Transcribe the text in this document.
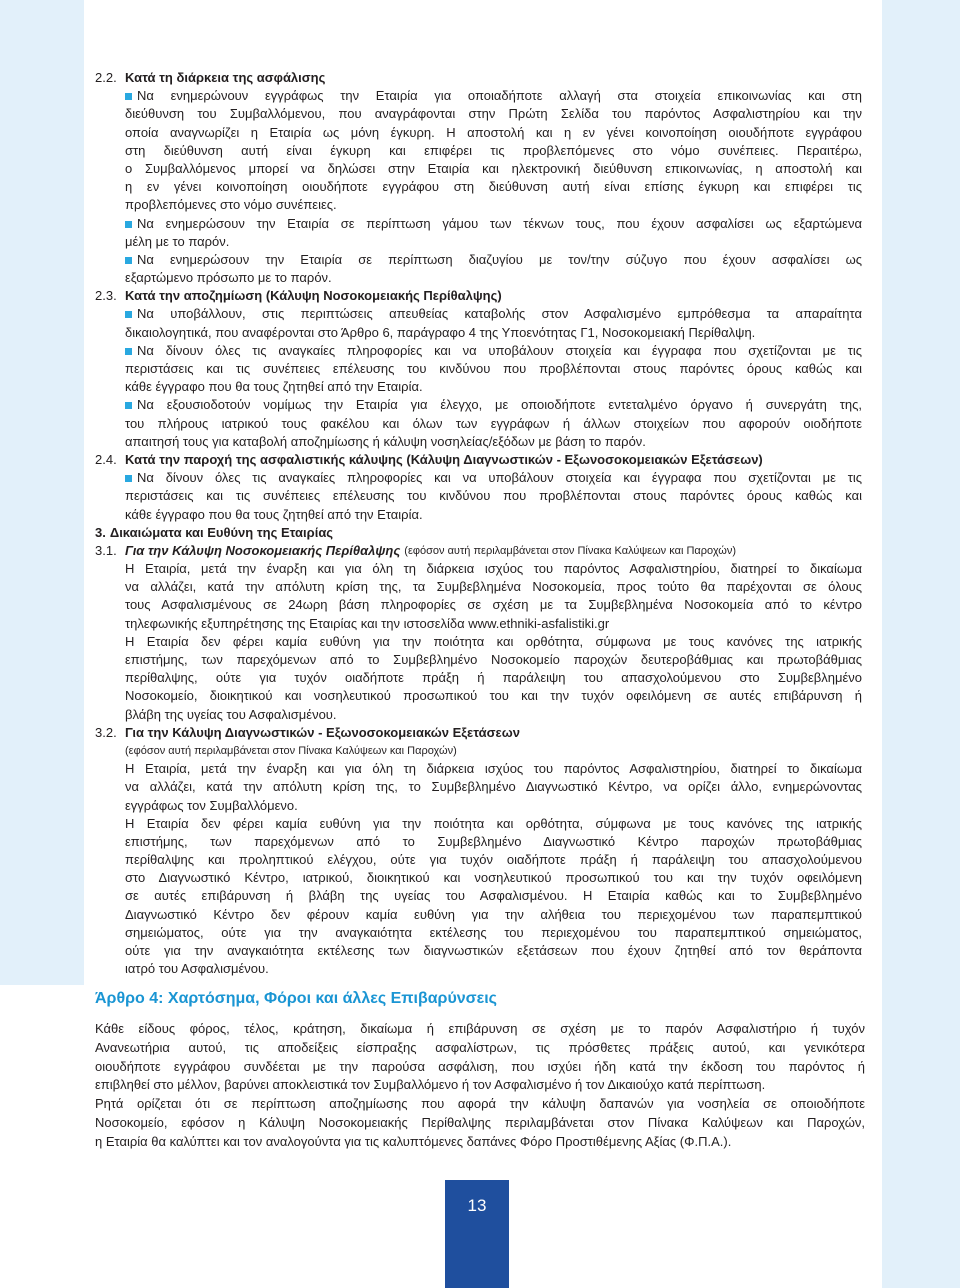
2.2. Κατά τη διάρκεια της ασφάλισης
Να ενημερώνουν εγγράφως την Εταιρία για οποιαδήποτε αλλαγή στα στοιχεία επικοινωνίας και στη
διεύθυνση του Συμβαλλόμενου, που αναγράφονται στην Πρώτη Σελίδα του παρόντος Ασφαλιστηρίου και την
οποία αναγνωρίζει η Εταιρία ως μόνη έγκυρη. Η αποστολή και η εν γένει κοινοποίηση οιουδήποτε εγγράφου
στη διεύθυνση αυτή είναι έγκυρη και επιφέρει τις προβλεπόμενες στο νόμο συνέπειες. Περαιτέρω,
ο Συμβαλλόμενος μπορεί να δηλώσει στην Εταιρία και ηλεκτρονική διεύθυνση επικοινωνίας, η αποστολή και
η εν γένει κοινοποίηση οιουδήποτε εγγράφου στη διεύθυνση αυτή είναι επίσης έγκυρη και επιφέρει τις
προβλεπόμενες στο νόμο συνέπειες.
Να ενημερώσουν την Εταιρία σε περίπτωση γάμου των τέκνων τους, που έχουν ασφαλίσει ως εξαρτώμενα
μέλη με το παρόν.
Να ενημερώσουν την Εταιρία σε περίπτωση διαζυγίου με τον/την σύζυγο που έχουν ασφαλίσει ως
εξαρτώμενο πρόσωπο με το παρόν.
2.3. Κατά την αποζημίωση (Κάλυψη Νοσοκομειακής Περίθαλψης)
Να υποβάλλουν, στις περιπτώσεις απευθείας καταβολής στον Ασφαλισμένο εμπρόθεσμα τα απαραίτητα
δικαιολογητικά, που αναφέρονται στο Άρθρο 6, παράγραφο 4 της Υποενότητας Γ1, Νοσοκομειακή Περίθαλψη.
Να δίνουν όλες τις αναγκαίες πληροφορίες και να υποβάλουν στοιχεία και έγγραφα που σχετίζονται με τις
περιστάσεις και τις συνέπειες επέλευσης του κινδύνου που προβλέπονται στους παρόντες όρους καθώς και
κάθε έγγραφο που θα τους ζητηθεί από την Εταιρία.
Να εξουσιοδοτούν νομίμως την Εταιρία για έλεγχο, με οποιοδήποτε εντεταλμένο όργανο ή συνεργάτη της,
του πλήρους ιατρικού τους φακέλου και όλων των εγγράφων ή άλλων στοιχείων που αφορούν οιοδήποτε
απαιτησή τους για καταβολή αποζημίωσης ή κάλυψη νοσηλείας/εξόδων με βάση το παρόν.
2.4. Κατά την παροχή της ασφαλιστικής κάλυψης (Κάλυψη Διαγνωστικών - Εξωνοσοκομειακών Εξετάσεων)
Να δίνουν όλες τις αναγκαίες πληροφορίες και να υποβάλουν στοιχεία και έγγραφα που σχετίζονται με τις
περιστάσεις και τις συνέπειες επέλευσης του κινδύνου που προβλέπονται στους παρόντες όρους καθώς και
κάθε έγγραφο που θα τους ζητηθεί από την Εταιρία.
3. Δικαιώματα και Ευθύνη της Εταιρίας
3.1. Για την Κάλυψη Νοσοκομειακής Περίθαλψης (εφόσον αυτή περιλαμβάνεται στον Πίνακα Καλύψεων και Παροχών)
Η Εταιρία, μετά την έναρξη και για όλη τη διάρκεια ισχύος του παρόντος Ασφαλιστηρίου, διατηρεί το δικαίωμα
να αλλάζει, κατά την απόλυτη κρίση της, τα Συμβεβλημένα Νοσοκομεία, προς τούτο θα παρέχονται σε όλους
τους Ασφαλισμένους σε 24ωρη βάση πληροφορίες σε σχέση με τα Συμβεβλημένα Νοσοκομεία από το κέντρο
τηλεφωνικής εξυπηρέτησης της Εταιρίας και την ιστοσελίδα www.ethniki-asfalistiki.gr
Η Εταιρία δεν φέρει καμία ευθύνη για την ποιότητα και ορθότητα, σύμφωνα με τους κανόνες της ιατρικής
επιστήμης, των παρεχόμενων από το Συμβεβλημένο Νοσοκομείο παροχών δευτεροβάθμιας και πρωτοβάθμιας
περίθαλψης, ούτε για τυχόν οιαδήποτε πράξη ή παράλειψη του απασχολούμενου στο Συμβεβλημένο
Νοσοκομείο, διοικητικού και νοσηλευτικού προσωπικού του και την τυχόν οφειλόμενη σε αυτές επιβάρυνση ή
βλάβη της υγείας του Ασφαλισμένου.
3.2. Για την Κάλυψη Διαγνωστικών - Εξωνοσοκομειακών Εξετάσεων
(εφόσον αυτή περιλαμβάνεται στον Πίνακα Καλύψεων και Παροχών)
Η Εταιρία, μετά την έναρξη και για όλη τη διάρκεια ισχύος του παρόντος Ασφαλιστηρίου, διατηρεί το δικαίωμα
να αλλάζει, κατά την απόλυτη κρίση της, το Συμβεβλημένο Διαγνωστικό Κέντρο, να ορίζει άλλο, ενημερώνοντας
εγγράφως τον Συμβαλλόμενο.
Η Εταιρία δεν φέρει καμία ευθύνη για την ποιότητα και ορθότητα, σύμφωνα με τους κανόνες της ιατρικής
επιστήμης, των παρεχόμενων από το Συμβεβλημένο Διαγνωστικό Κέντρο παροχών πρωτοβάθμιας
περίθαλψης και προληπτικού ελέγχου, ούτε για τυχόν οιαδήποτε πράξη ή παράλειψη του απασχολούμενου
στο Διαγνωστικό Κέντρο, ιατρικού, διοικητικού και νοσηλευτικού προσωπικού του και την τυχόν οφειλόμενη
σε αυτές επιβάρυνση ή βλάβη της υγείας του Ασφαλισμένου. Η Εταιρία καθώς και το Συμβεβλημένο
Διαγνωστικό Κέντρο δεν φέρουν καμία ευθύνη για την αλήθεια του περιεχομένου των παραπεμπτικού
σημειώματος, ούτε για την αναγκαιότητα εκτέλεσης του περιεχομένου του παραπεμπτικού σημειώματος,
ούτε για την αναγκαιότητα εκτέλεσης των διαγνωστικών εξετάσεων που έχουν ζητηθεί από τον θεράποντα
ιατρό του Ασφαλισμένου.
Άρθρο 4: Χαρτόσημα, Φόροι και άλλες Επιβαρύνσεις
Κάθε είδους φόρος, τέλος, κράτηση, δικαίωμα ή επιβάρυνση σε σχέση με το παρόν Ασφαλιστήριο ή τυχόν
Ανανεωτήρια αυτού, τις αποδείξεις είσπραξης ασφαλίστρων, τις πρόσθετες πράξεις αυτού, και γενικότερα
οιουδήποτε εγγράφου συνδέεται με την παρούσα ασφάλιση, που ισχύει ήδη κατά την έκδοση του παρόντος ή
επιβληθεί στο μέλλον, βαρύνει αποκλειστικά τον Συμβαλλόμενο ή τον Ασφαλισμένο ή τον Δικαιούχο κατά περίπτωση.
Ρητά ορίζεται ότι σε περίπτωση αποζημίωσης που αφορά την κάλυψη δαπανών για νοσηλεία σε οποιοδήποτε
Νοσοκομείο, εφόσον η Κάλυψη Νοσοκομειακής Περίθαλψης περιλαμβάνεται στον Πίνακα Καλύψεων και Παροχών,
η Εταιρία θα καλύπτει και τον αναλογούντα για τις καλυπτόμενες δαπάνες Φόρο Προστιθέμενης Αξίας (Φ.Π.Α.).
13
